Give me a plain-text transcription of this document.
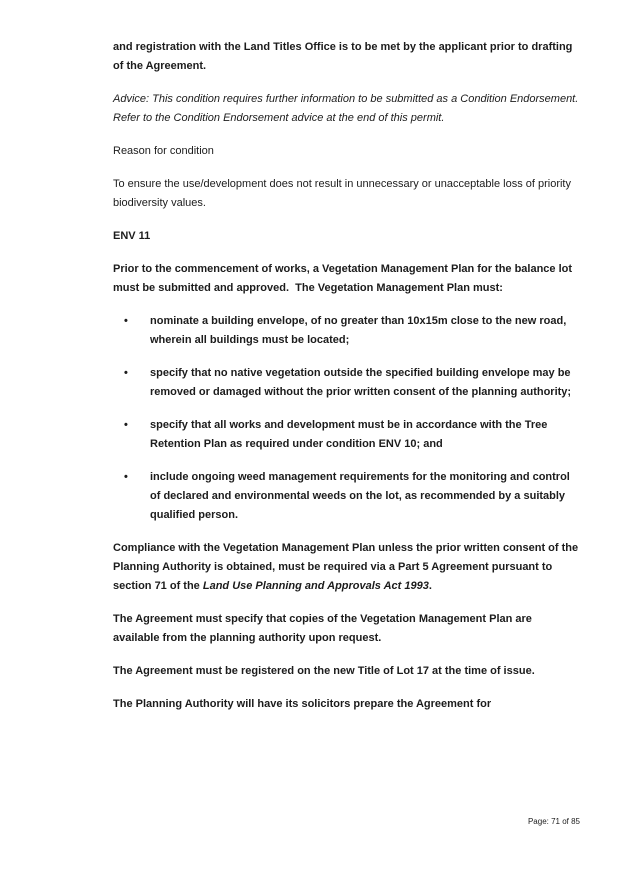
and registration with the Land Titles Office is to be met by the applicant prior to drafting of the Agreement.

Advice: This condition requires further information to be submitted as a Condition Endorsement. Refer to the Condition Endorsement advice at the end of this permit.

Reason for condition

To ensure the use/development does not result in unnecessary or unacceptable loss of priority biodiversity values.

ENV 11

Prior to the commencement of works, a Vegetation Management Plan for the balance lot must be submitted and approved.  The Vegetation Management Plan must:

•	nominate a building envelope, of no greater than 10x15m close to the new road, wherein all buildings must be located;
•	specify that no native vegetation outside the specified building envelope may be removed or damaged without the prior written consent of the planning authority;
•	specify that all works and development must be in accordance with the Tree Retention Plan as required under condition ENV 10; and
•	include ongoing weed management requirements for the monitoring and control of declared and environmental weeds on the lot, as recommended by a suitably qualified person.

Compliance with the Vegetation Management Plan unless the prior written consent of the Planning Authority is obtained, must be required via a Part 5 Agreement pursuant to section 71 of the Land Use Planning and Approvals Act 1993.

The Agreement must specify that copies of the Vegetation Management Plan are available from the planning authority upon request.

The Agreement must be registered on the new Title of Lot 17 at the time of issue.

The Planning Authority will have its solicitors prepare the Agreement for

Page: 71 of 85
